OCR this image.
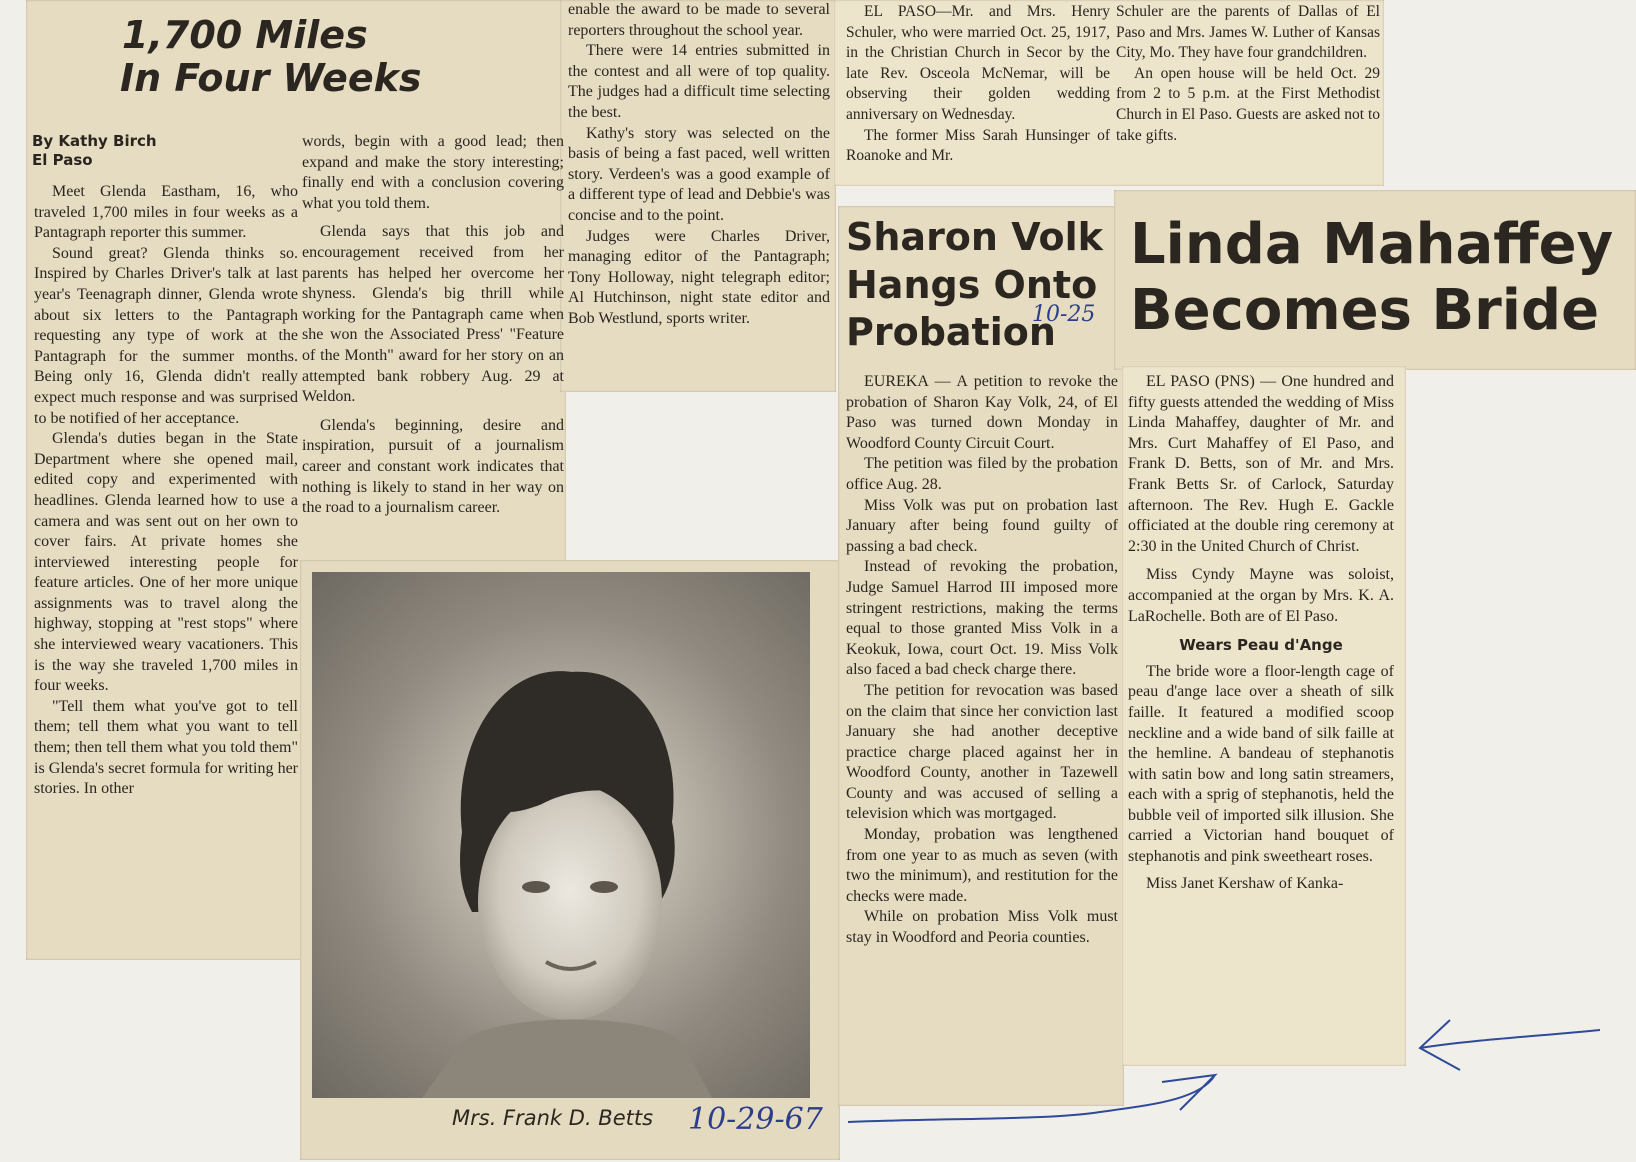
1,700 Miles
In Four Weeks
By Kathy Birch
El Paso

Meet Glenda Eastham, 16, who traveled 1,700 miles in four weeks as a Pantagraph reporter this summer.

Sound great? Glenda thinks so. Inspired by Charles Driver's talk at last year's Teenagraph dinner, Glenda wrote about six letters to the Pantagraph requesting any type of work at the Pantagraph for the summer months. Being only 16, Glenda didn't really expect much response and was surprised to be notified of her acceptance.

Glenda's duties began in the State Department where she opened mail, edited copy and experimented with headlines. Glenda learned how to use a camera and was sent out on her own to cover fairs. At private homes she interviewed interesting people for feature articles. One of her more unique assignments was to travel along the highway, stopping at "rest stops" where she interviewed weary vacationers. This is the way she traveled 1,700 miles in four weeks.

"Tell them what you've got to tell them; tell them what you want to tell them; then tell them what you told them" is Glenda's secret formula for writing her stories. In other

words, begin with a good lead; then expand and make the story interesting; finally end with a conclusion covering what you told them.

Glenda says that this job and encouragement received from her parents has helped her overcome her shyness. Glenda's big thrill while working for the Pantagraph came when she won the Associated Press' "Feature of the Month" award for her story on an attempted bank robbery Aug. 29 at Weldon.

Glenda's beginning, desire and inspiration, pursuit of a journalism career and constant work indicates that nothing is likely to stand in her way on the road to a journalism career.

enable the award to be made to several reporters throughout the school year.

There were 14 entries submitted in the contest and all were of top quality. The judges had a difficult time selecting the best.

Kathy's story was selected on the basis of being a fast paced, well written story. Verdeen's was a good example of a different type of lead and Debbie's was concise and to the point.

Judges were Charles Driver, managing editor of the Pantagraph; Tony Holloway, night telegraph editor; Al Hutchinson, night state editor and Bob Westlund, sports writer.

Mrs. Frank D. Betts 10-29-67

EL PASO—Mr. and Mrs. Henry Schuler, who were married Oct. 25, 1917, in the Christian Church in Secor by the late Rev. Osceola McNemar, will be observing their golden wedding anniversary on Wednesday.

The former Miss Sarah Hunsinger of Roanoke and Mr.

Schuler are the parents of Dallas of El Paso and Mrs. James W. Luther of Kansas City, Mo. They have four grandchildren.

An open house will be held Oct. 29 from 2 to 5 p.m. at the First Methodist Church in El Paso. Guests are asked not to take gifts.

Sharon Volk
Hangs Onto
Probation
10-25

EUREKA — A petition to revoke the probation of Sharon Kay Volk, 24, of El Paso was turned down Monday in Woodford County Circuit Court.

The petition was filed by the probation office Aug. 28.

Miss Volk was put on probation last January after being found guilty of passing a bad check.

Instead of revoking the probation, Judge Samuel Harrod III imposed more stringent restrictions, making the terms equal to those granted Miss Volk in a Keokuk, Iowa, court Oct. 19. Miss Volk also faced a bad check charge there.

The petition for revocation was based on the claim that since her conviction last January she had another deceptive practice charge placed against her in Woodford County, another in Tazewell County and was accused of selling a television which was mortgaged.

Monday, probation was lengthened from one year to as much as seven (with two the minimum), and restitution for the checks were made.

While on probation Miss Volk must stay in Woodford and Peoria counties.

Linda Mahaffey
Becomes Bride

EL PASO (PNS) — One hundred and fifty guests attended the wedding of Miss Linda Mahaffey, daughter of Mr. and Mrs. Curt Mahaffey of El Paso, and Frank D. Betts, son of Mr. and Mrs. Frank Betts Sr. of Carlock, Saturday afternoon. The Rev. Hugh E. Gackle officiated at the double ring ceremony at 2:30 in the United Church of Christ.

Miss Cyndy Mayne was soloist, accompanied at the organ by Mrs. K. A. LaRochelle. Both are of El Paso.

Wears Peau d'Ange

The bride wore a floor-length cage of peau d'ange lace over a sheath of silk faille. It featured a modified scoop neckline and a wide band of silk faille at the hemline. A bandeau of stephanotis with satin bow and long satin streamers, each with a sprig of stephanotis, held the bubble veil of imported silk illusion. She carried a Victorian hand bouquet of stephanotis and pink sweetheart roses.

Miss Janet Kershaw of Kanka-
